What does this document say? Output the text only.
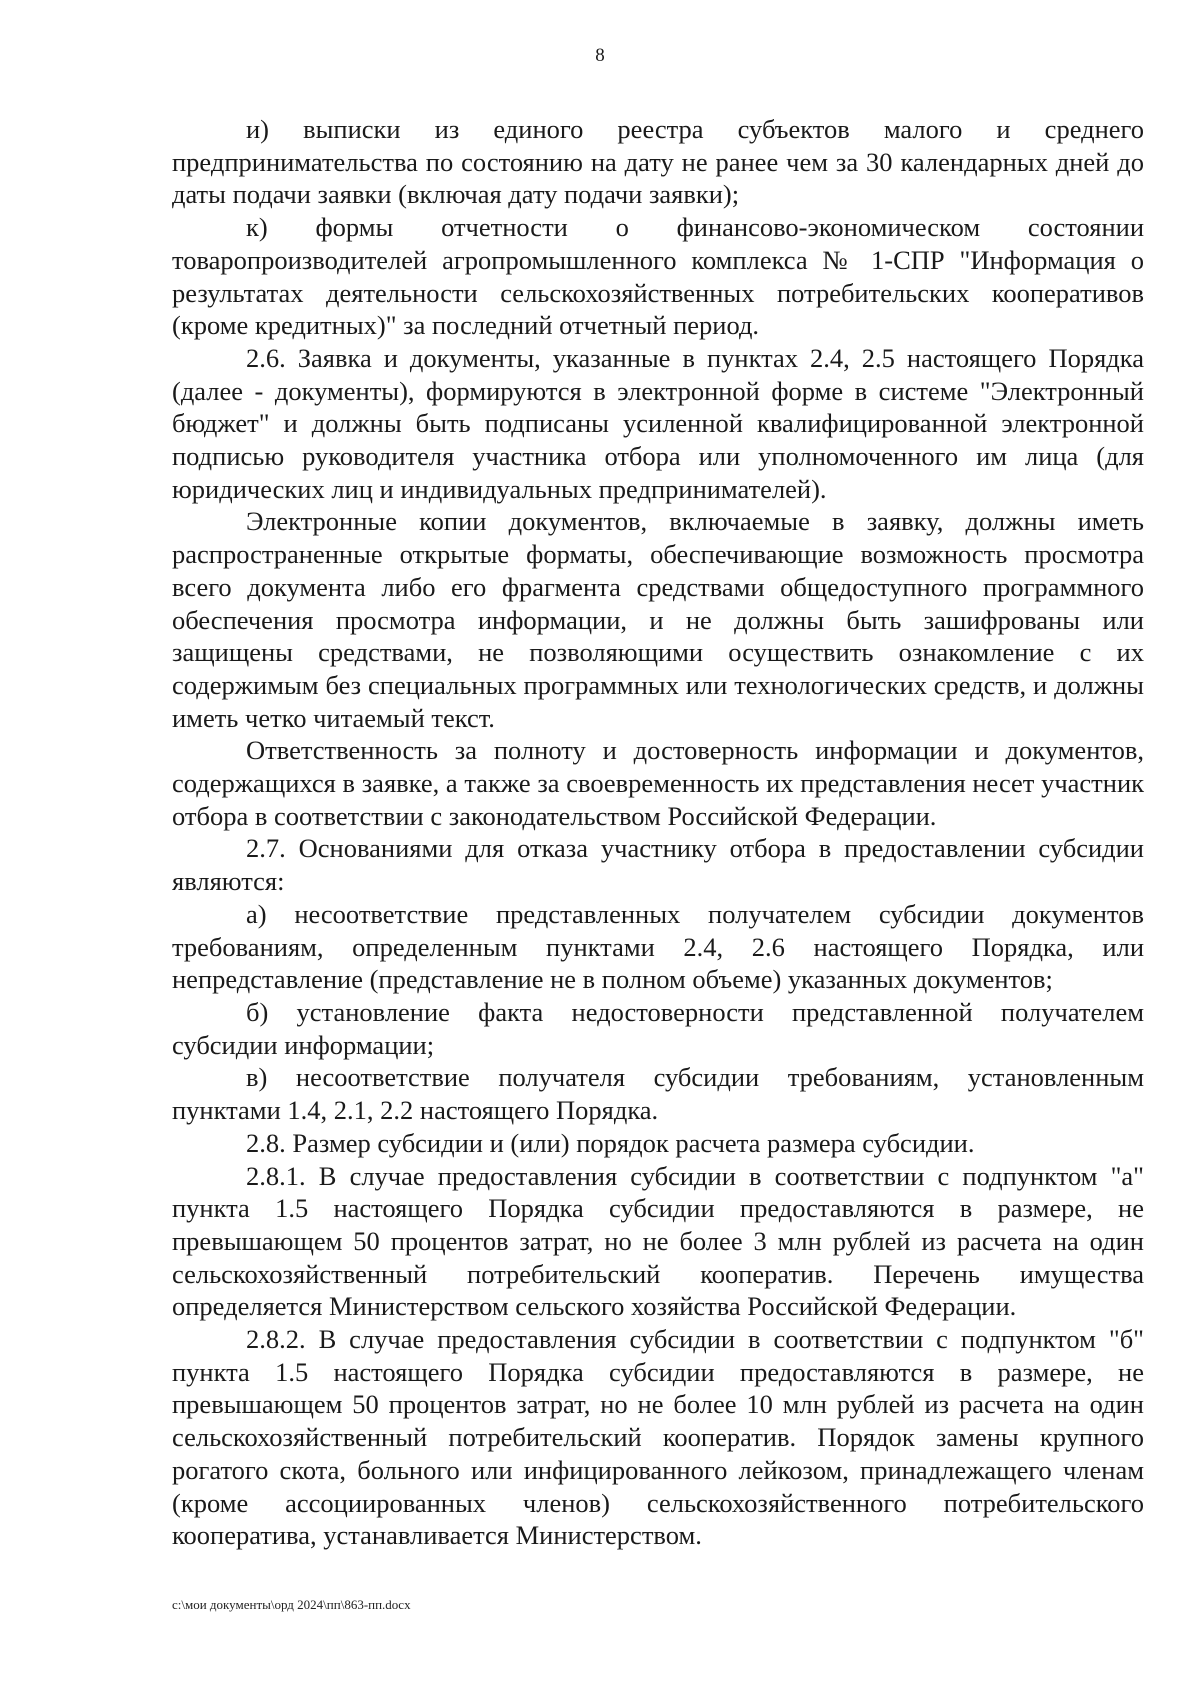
8

и) выписки из единого реестра субъектов малого и среднего предпринимательства по состоянию на дату не ранее чем за 30 календарных дней до даты подачи заявки (включая дату подачи заявки);

к) формы отчетности о финансово-экономическом состоянии товаропроизводителей агропромышленного комплекса № 1-СПР "Информация о результатах деятельности сельскохозяйственных потребительских кооперативов (кроме кредитных)" за последний отчетный период.

2.6. Заявка и документы, указанные в пунктах 2.4, 2.5 настоящего Порядка (далее - документы), формируются в электронной форме в системе "Электронный бюджет" и должны быть подписаны усиленной квалифицированной электронной подписью руководителя участника отбора или уполномоченного им лица (для юридических лиц и индивидуальных предпринимателей).

Электронные копии документов, включаемые в заявку, должны иметь распространенные открытые форматы, обеспечивающие возможность просмотра всего документа либо его фрагмента средствами общедоступного программного обеспечения просмотра информации, и не должны быть зашифрованы или защищены средствами, не позволяющими осуществить ознакомление с их содержимым без специальных программных или технологических средств, и должны иметь четко читаемый текст.

Ответственность за полноту и достоверность информации и документов, содержащихся в заявке, а также за своевременность их представления несет участник отбора в соответствии с законодательством Российской Федерации.

2.7. Основаниями для отказа участнику отбора в предоставлении субсидии являются:

а) несоответствие представленных получателем субсидии документов требованиям, определенным пунктами 2.4, 2.6 настоящего Порядка, или непредставление (представление не в полном объеме) указанных документов;

б) установление факта недостоверности представленной получателем субсидии информации;

в) несоответствие получателя субсидии требованиям, установленным пунктами 1.4, 2.1, 2.2 настоящего Порядка.

2.8. Размер субсидии и (или) порядок расчета размера субсидии.

2.8.1. В случае предоставления субсидии в соответствии с подпунктом "а" пункта 1.5 настоящего Порядка субсидии предоставляются в размере, не превышающем 50 процентов затрат, но не более 3 млн рублей из расчета на один сельскохозяйственный потребительский кооператив. Перечень имущества определяется Министерством сельского хозяйства Российской Федерации.

2.8.2. В случае предоставления субсидии в соответствии с подпунктом "б" пункта 1.5 настоящего Порядка субсидии предоставляются в размере, не превышающем 50 процентов затрат, но не более 10 млн рублей из расчета на один сельскохозяйственный потребительский кооператив. Порядок замены крупного рогатого скота, больного или инфицированного лейкозом, принадлежащего членам (кроме ассоциированных членов) сельскохозяйственного потребительского кооператива, устанавливается Министерством.

c:\мои документы\орд 2024\пп\863-пп.docx
